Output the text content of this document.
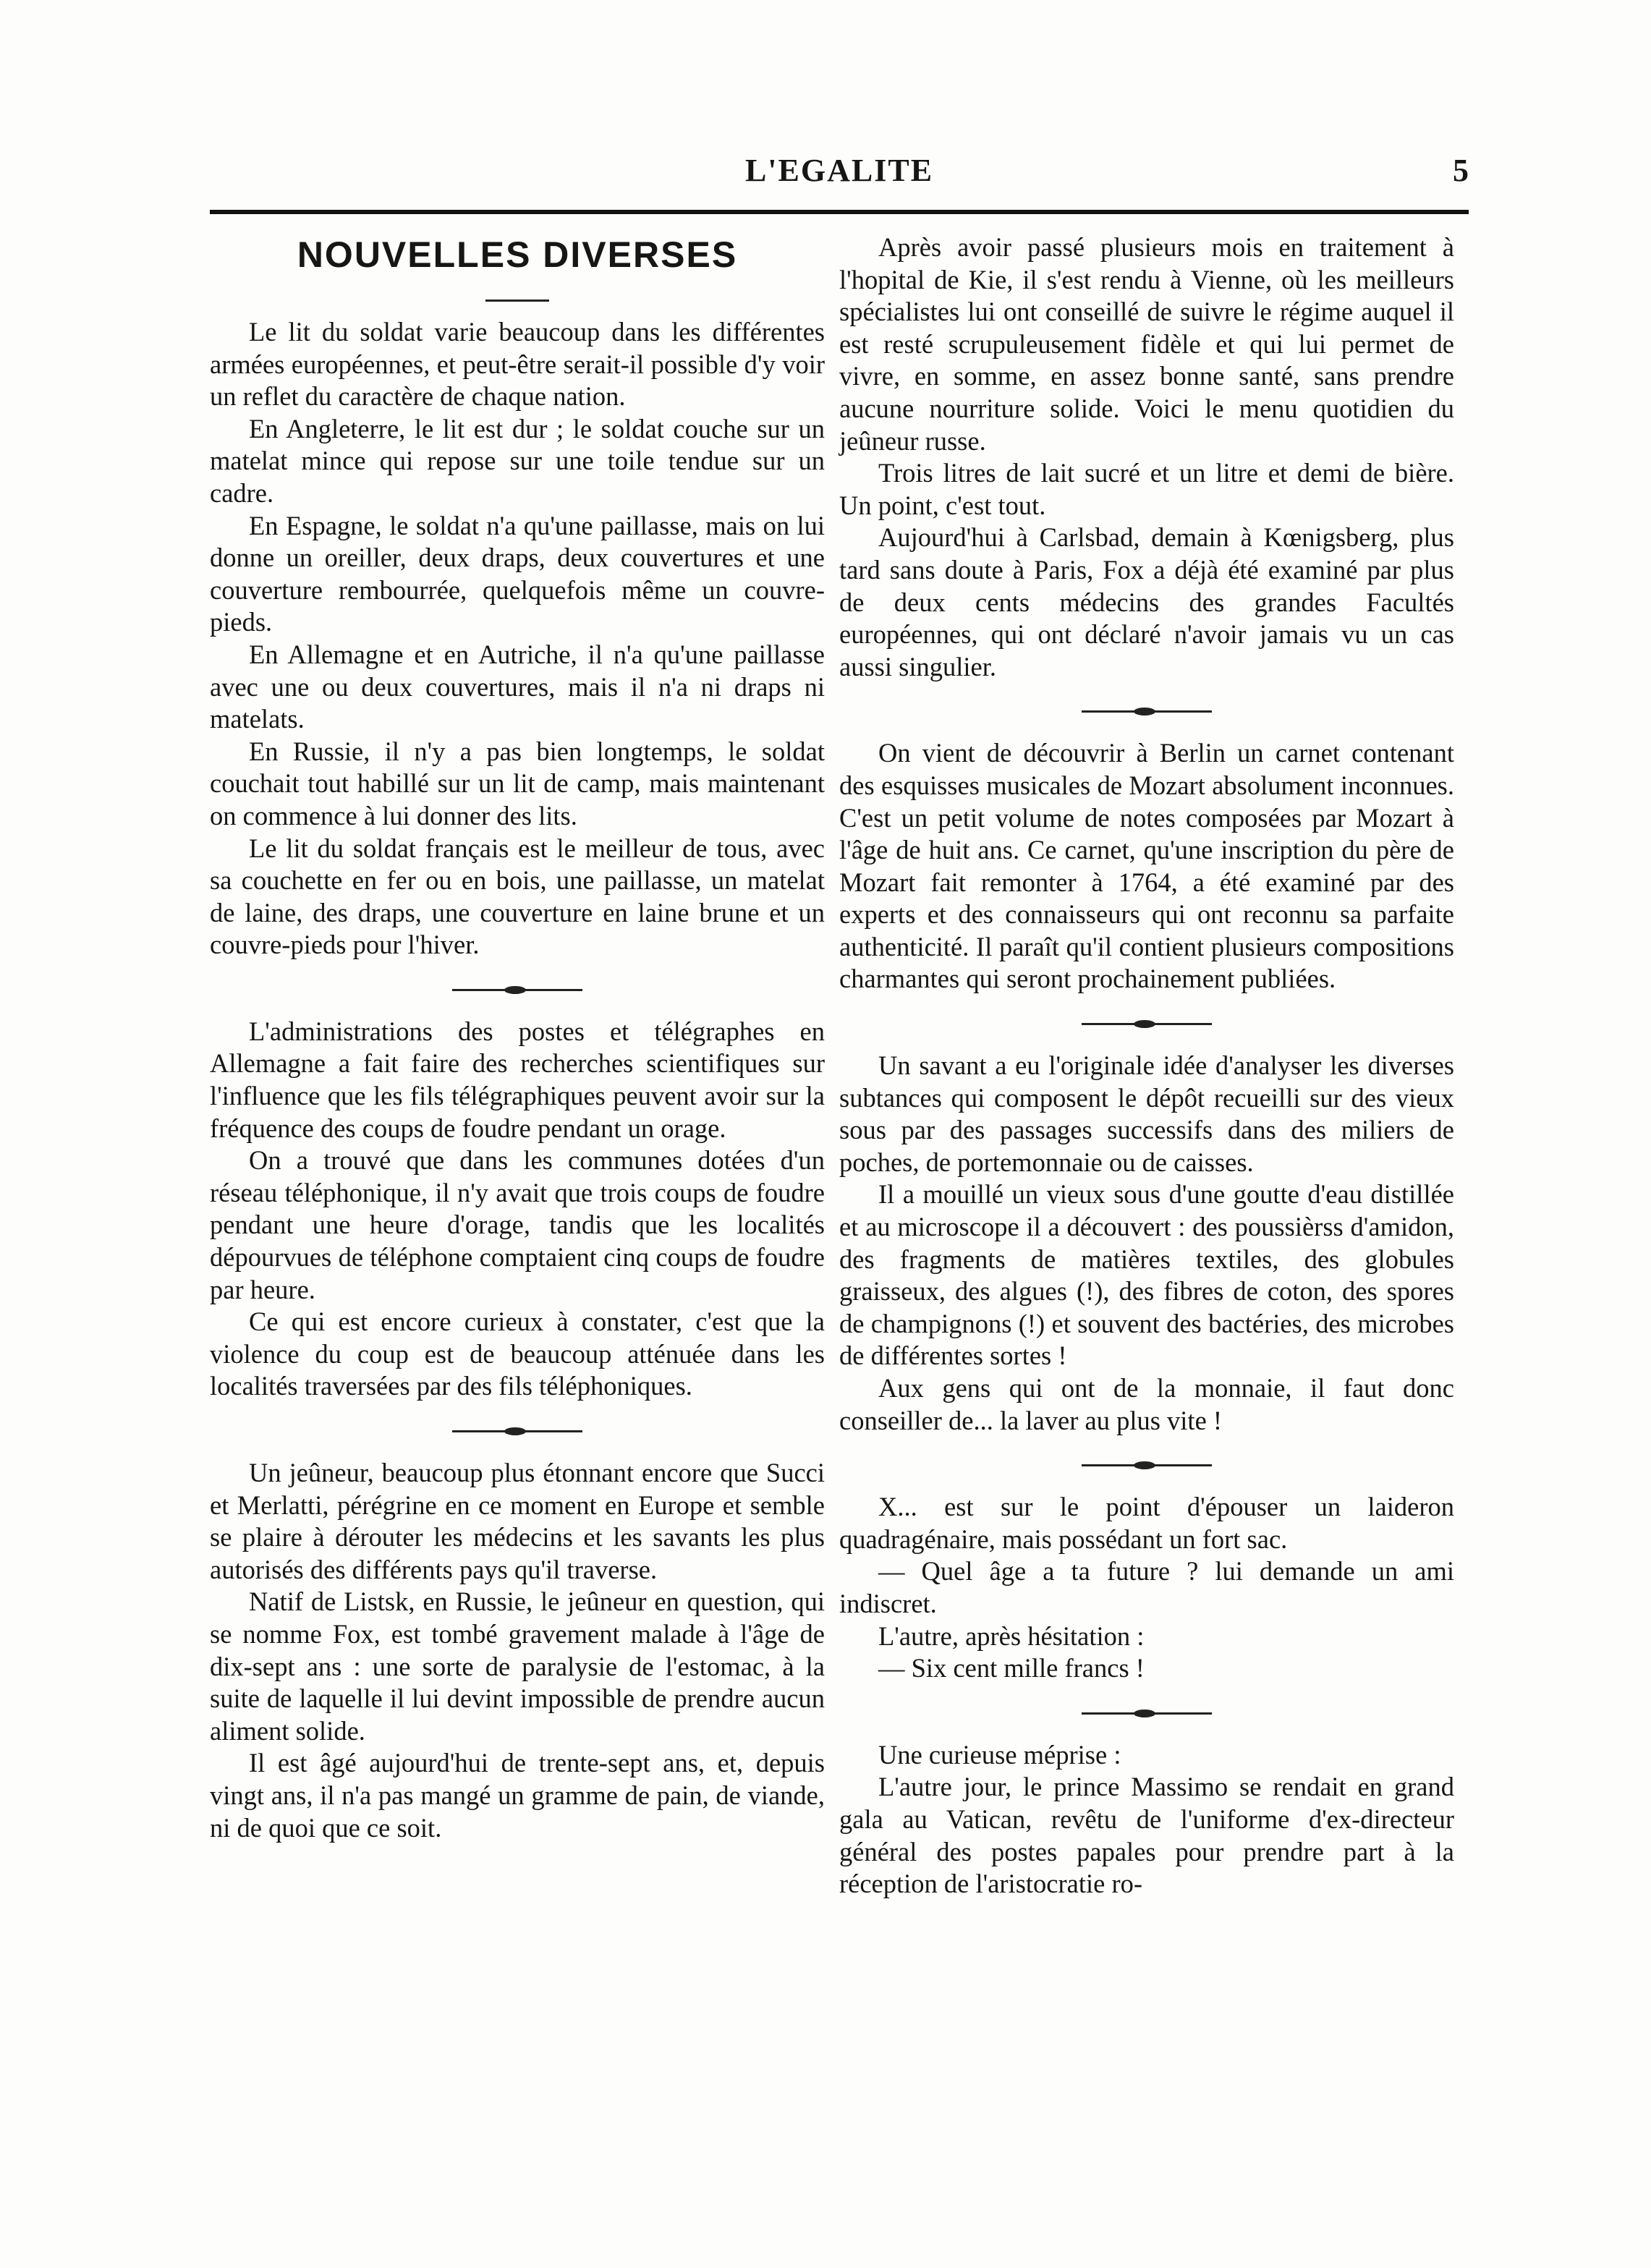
L'EGALITE	5
NOUVELLES DIVERSES

Le lit du soldat varie beaucoup dans les différentes armées européennes, et peut-être serait-il possible d'y voir un reflet du caractère de chaque nation.

En Angleterre, le lit est dur ; le soldat couche sur un matelat mince qui repose sur une toile tendue sur un cadre.

En Espagne, le soldat n'a qu'une paillasse, mais on lui donne un oreiller, deux draps, deux couvertures et une couverture rembourrée, quelquefois même un couvre-pieds.

En Allemagne et en Autriche, il n'a qu'une paillasse avec une ou deux couvertures, mais il n'a ni draps ni matelats.

En Russie, il n'y a pas bien longtemps, le soldat couchait tout habillé sur un lit de camp, mais maintenant on commence à lui donner des lits.

Le lit du soldat français est le meilleur de tous, avec sa couchette en fer ou en bois, une paillasse, un matelat de laine, des draps, une couverture en laine brune et un couvre-pieds pour l'hiver.

L'administrations des postes et télégraphes en Allemagne a fait faire des recherches scientifiques sur l'influence que les fils télégraphiques peuvent avoir sur la fréquence des coups de foudre pendant un orage.

On a trouvé que dans les communes dotées d'un réseau téléphonique, il n'y avait que trois coups de foudre pendant une heure d'orage, tandis que les localités dépourvues de téléphone comptaient cinq coups de foudre par heure.

Ce qui est encore curieux à constater, c'est que la violence du coup est de beaucoup atténuée dans les localités traversées par des fils téléphoniques.

Un jeûneur, beaucoup plus étonnant encore que Succi et Merlatti, pérégrine en ce moment en Europe et semble se plaire à dérouter les médecins et les savants les plus autorisés des différents pays qu'il traverse.

Natif de Listsk, en Russie, le jeûneur en question, qui se nomme Fox, est tombé gravement malade à l'âge de dix-sept ans : une sorte de paralysie de l'estomac, à la suite de laquelle il lui devint impossible de prendre aucun aliment solide.

Il est âgé aujourd'hui de trente-sept ans, et, depuis vingt ans, il n'a pas mangé un gramme de pain, de viande, ni de quoi que ce soit.

Après avoir passé plusieurs mois en traitement à l'hopital de Kie, il s'est rendu à Vienne, où les meilleurs spécialistes lui ont conseillé de suivre le régime auquel il est resté scrupuleusement fidèle et qui lui permet de vivre, en somme, en assez bonne santé, sans prendre aucune nourriture solide. Voici le menu quotidien du jeûneur russe.

Trois litres de lait sucré et un litre et demi de bière. Un point, c'est tout.

Aujourd'hui à Carlsbad, demain à Kœnigsberg, plus tard sans doute à Paris, Fox a déjà été examiné par plus de deux cents médecins des grandes Facultés européennes, qui ont déclaré n'avoir jamais vu un cas aussi singulier.

On vient de découvrir à Berlin un carnet contenant des esquisses musicales de Mozart absolument inconnues. C'est un petit volume de notes composées par Mozart à l'âge de huit ans. Ce carnet, qu'une inscription du père de Mozart fait remonter à 1764, a été examiné par des experts et des connaisseurs qui ont reconnu sa parfaite authenticité. Il paraît qu'il contient plusieurs compositions charmantes qui seront prochainement publiées.

Un savant a eu l'originale idée d'analyser les diverses subtances qui composent le dépôt recueilli sur des vieux sous par des passages successifs dans des miliers de poches, de portemonnaie ou de caisses.

Il a mouillé un vieux sous d'une goutte d'eau distillée et au microscope il a découvert : des poussièrss d'amidon, des fragments de matières textiles, des globules graisseux, des algues (!), des fibres de coton, des spores de champignons (!) et souvent des bactéries, des microbes de différentes sortes !

Aux gens qui ont de la monnaie, il faut donc conseiller de... la laver au plus vite !

X... est sur le point d'épouser un laideron quadragénaire, mais possédant un fort sac.

— Quel âge a ta future ? lui demande un ami indiscret.

L'autre, après hésitation :

— Six cent mille francs !

Une curieuse méprise :

L'autre jour, le prince Massimo se rendait en grand gala au Vatican, revêtu de l'uniforme d'ex-directeur général des postes papales pour prendre part à la réception de l'aristocratie ro-
